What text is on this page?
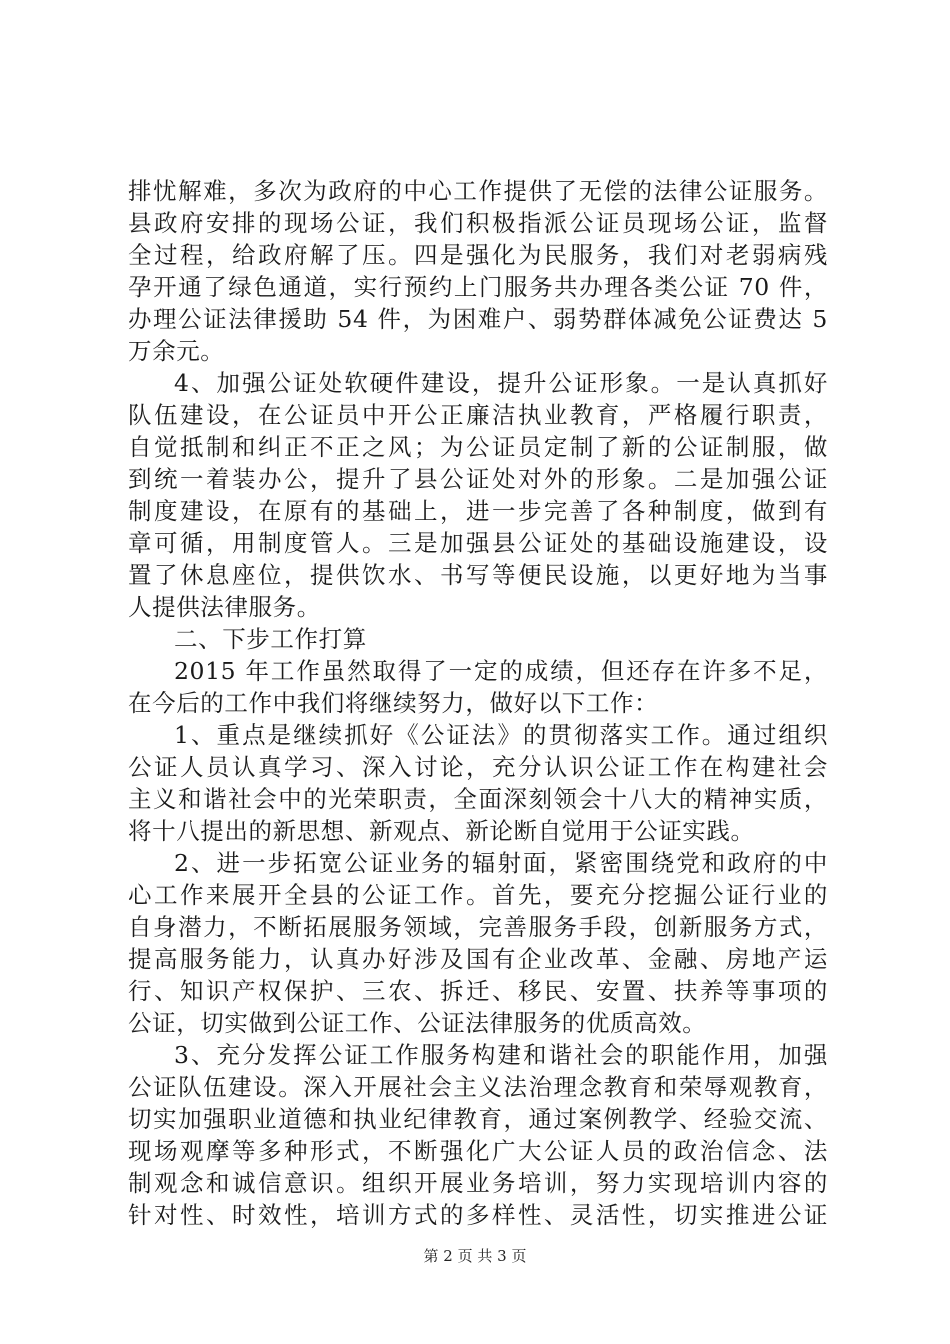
排忧解难，多次为政府的中心工作提供了无偿的法律公证服务。
县政府安排的现场公证，我们积极指派公证员现场公证，监督
全过程，给政府解了压。四是强化为民服务，我们对老弱病残
孕开通了绿色通道，实行预约上门服务共办理各类公证 70 件，
办理公证法律援助 54 件，为困难户、弱势群体减免公证费达 5
万余元。
4、加强公证处软硬件建设，提升公证形象。一是认真抓好
队伍建设，在公证员中开公正廉洁执业教育，严格履行职责，
自觉抵制和纠正不正之风；为公证员定制了新的公证制服，做
到统一着装办公，提升了县公证处对外的形象。二是加强公证
制度建设，在原有的基础上，进一步完善了各种制度，做到有
章可循，用制度管人。三是加强县公证处的基础设施建设，设
置了休息座位，提供饮水、书写等便民设施，以更好地为当事
人提供法律服务。
二、下步工作打算
2015 年工作虽然取得了一定的成绩，但还存在许多不足，
在今后的工作中我们将继续努力，做好以下工作：
1、重点是继续抓好《公证法》的贯彻落实工作。通过组织
公证人员认真学习、深入讨论，充分认识公证工作在构建社会
主义和谐社会中的光荣职责，全面深刻领会十八大的精神实质，
将十八提出的新思想、新观点、新论断自觉用于公证实践。
2、进一步拓宽公证业务的辐射面，紧密围绕党和政府的中
心工作来展开全县的公证工作。首先，要充分挖掘公证行业的
自身潜力，不断拓展服务领域，完善服务手段，创新服务方式，
提高服务能力，认真办好涉及国有企业改革、金融、房地产运
行、知识产权保护、三农、拆迁、移民、安置、扶养等事项的
公证，切实做到公证工作、公证法律服务的优质高效。
3、充分发挥公证工作服务构建和谐社会的职能作用，加强
公证队伍建设。深入开展社会主义法治理念教育和荣辱观教育，
切实加强职业道德和执业纪律教育，通过案例教学、经验交流、
现场观摩等多种形式，不断强化广大公证人员的政治信念、法
制观念和诚信意识。组织开展业务培训，努力实现培训内容的
针对性、时效性，培训方式的多样性、灵活性，切实推进公证
第 2 页 共 3 页
